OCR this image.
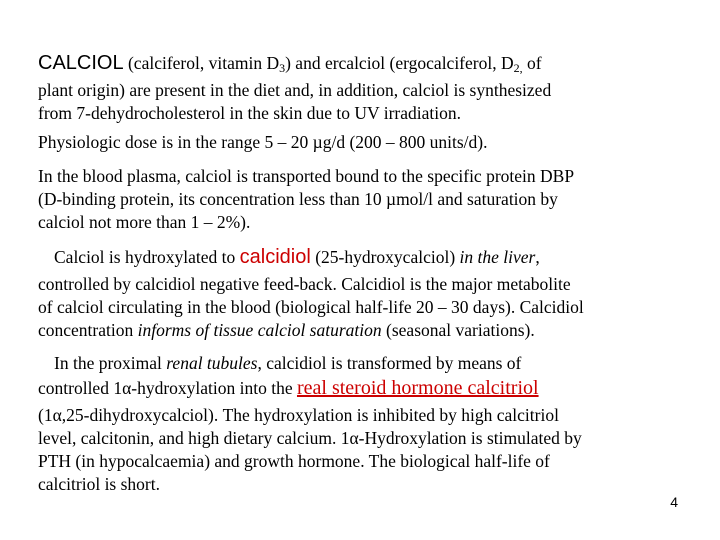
CALCIOL (calciferol, vitamin $D_3$) and ercalciol (ergocalciferol, $D_{2,}$ of
plant origin) are present in the diet and, in addition, calciol is synthesized
from 7-dehydrocholesterol in the skin due to UV irradiation.
Physiologic dose is in the range 5 – 20 µg/d (200 – 800 units/d).
In the blood plasma, calciol is transported bound to the specific protein DBP
(D-binding protein, its concentration less than 10 µmol/l and saturation by
calciol not more than 1 – 2%).
Calciol is hydroxylated to calcidiol (25-hydroxycalciol) in the liver,
controlled by calcidiol negative feed-back. Calcidiol is the major metabolite
of calciol circulating in the blood (biological half-life 20 – 30 days). Calcidiol
concentration informs of tissue calciol saturation (seasonal variations).
In the proximal renal tubules, calcidiol is transformed by means of
controlled 1α-hydroxylation into the real steroid hormone calcitriol
(1α,25-dihydroxycalciol). The hydroxylation is inhibited by high calcitriol
level, calcitonin, and high dietary calcium. 1α-Hydroxylation is stimulated by
PTH (in hypocalcaemia) and growth hormone. The biological half-life of
calcitriol is short.
4
